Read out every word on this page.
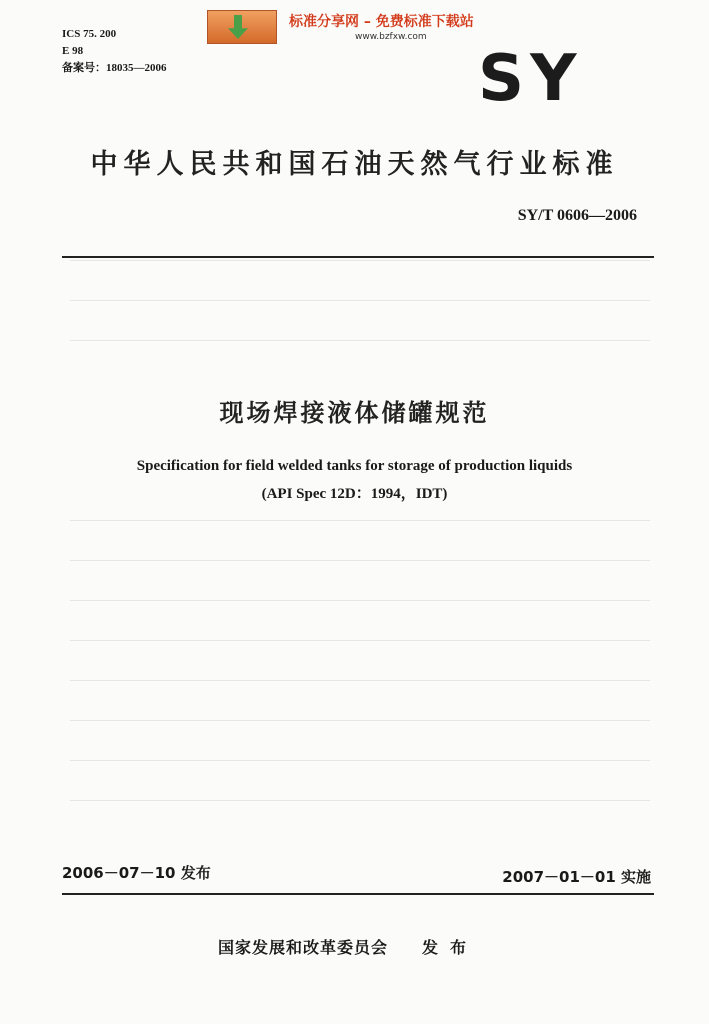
ICS 75. 200
E 98
备案号：18035—2006
标准分享网 – 免费标准下载站
www.bzfxw.com
SY
中华人民共和国石油天然气行业标准
SY/T 0606—2006
现场焊接液体储罐规范
Specification for field welded tanks for storage of production liquids
(API Spec 12D：1994，IDT)
2006－07－10 发布	2007－01－01 实施
国家发展和改革委员会 发布
